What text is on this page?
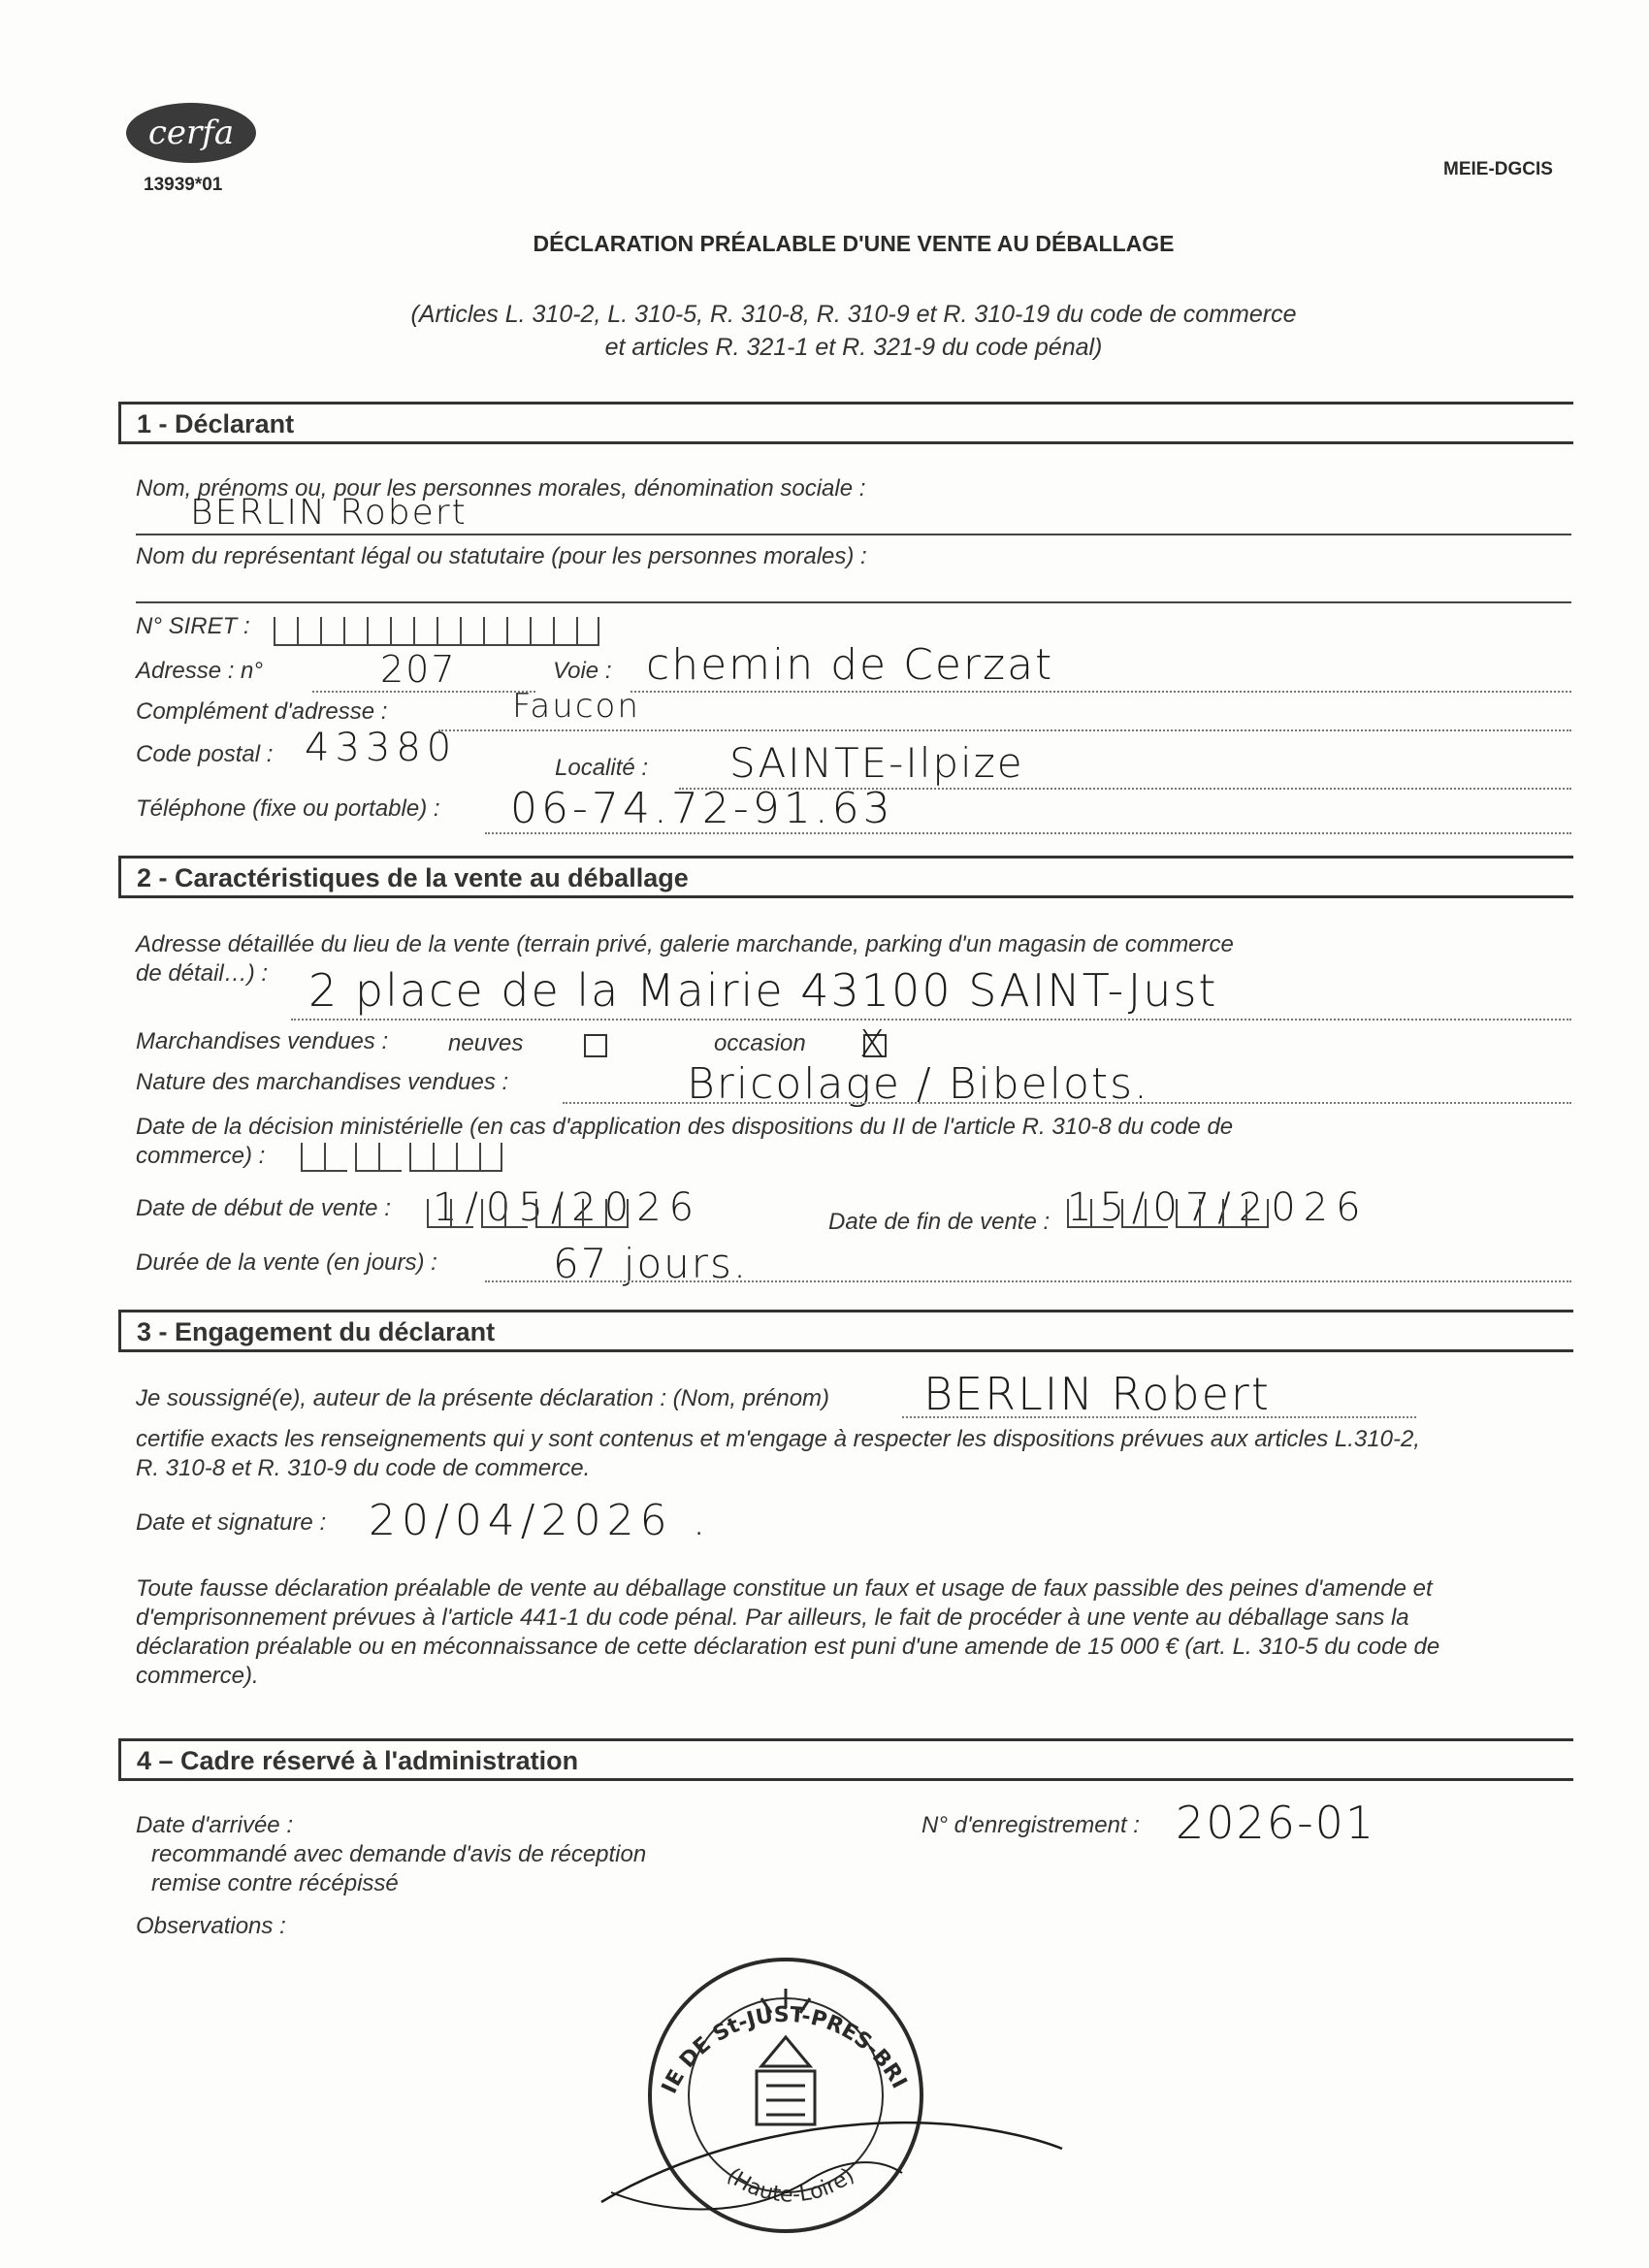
cerfa
13939*01
MEIE-DGCIS
DÉCLARATION PRÉALABLE D'UNE VENTE AU DÉBALLAGE
(Articles L. 310-2, L. 310-5, R. 310-8, R. 310-9 et R. 310-19 du code de commerce
et articles R. 321-1 et R. 321-9 du code pénal)
1 - Déclarant
Nom, prénoms ou, pour les personnes morales, dénomination sociale :
BERLIN Robert
Nom du représentant légal ou statutaire (pour les personnes morales) :
N° SIRET :
Adresse : n°	207	Voie : chemin de Cerzat
Complément d'adresse :	Faucon
Code postal : 43380	Localité : SAINTE-Ilpize
Téléphone (fixe ou portable) : 06-74.72-91.63
2 - Caractéristiques de la vente au déballage
Adresse détaillée du lieu de la vente (terrain privé, galerie marchande, parking d'un magasin de commerce
de détail…) : 2 place de la Mairie 43100 SAINT-Just
Marchandises vendues :	neuves	occasion X
Nature des marchandises vendues :	Bricolage / Bibelots.
Date de la décision ministérielle (en cas d'application des dispositions du II de l'article R. 310-8 du code de
commerce) :
Date de début de vente : 1/05/2026	Date de fin de vente : 15/07/2026
Durée de la vente (en jours) :	67 jours.
3 - Engagement du déclarant
Je soussigné(e), auteur de la présente déclaration : (Nom, prénom) BERLIN Robert
certifie exacts les renseignements qui y sont contenus et m'engage à respecter les dispositions prévues aux articles L.310-2,
R. 310-8 et R. 310-9 du code de commerce.
Date et signature : 20/04/2026 .
Toute fausse déclaration préalable de vente au déballage constitue un faux et usage de faux passible des peines d'amende et
d'emprisonnement prévues à l'article 441-1 du code pénal. Par ailleurs, le fait de procéder à une vente au déballage sans la
déclaration préalable ou en méconnaissance de cette déclaration est puni d'une amende de 15 000 € (art. L. 310-5 du code de
commerce).
4 – Cadre réservé à l'administration
Date d'arrivée :
recommandé avec demande d'avis de réception
remise contre récépissé
N° d'enregistrement : 2026-01
Observations :
IE DE St-JUST-PRES-BRI
(Haute-Loire)
